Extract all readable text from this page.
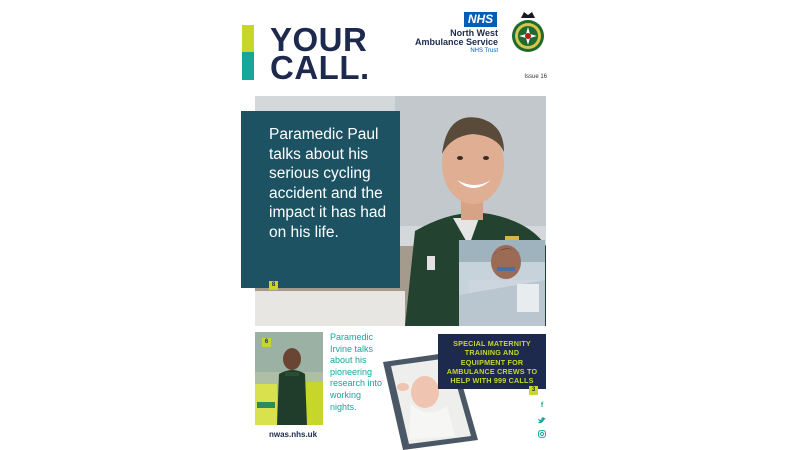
YOUR
CALL.
NHS
North West
Ambulance Service
NHS Trust
Issue 16
Paramedic Paul talks about his serious cycling accident and the impact it has had on his life.
8
6	Paramedic Irvine talks about his pioneering research into working nights.
SPECIAL MATERNITY TRAINING AND EQUIPMENT FOR AMBULANCE CREWS TO HELP WITH 999 CALLS
3
nwas.nhs.uk
f
